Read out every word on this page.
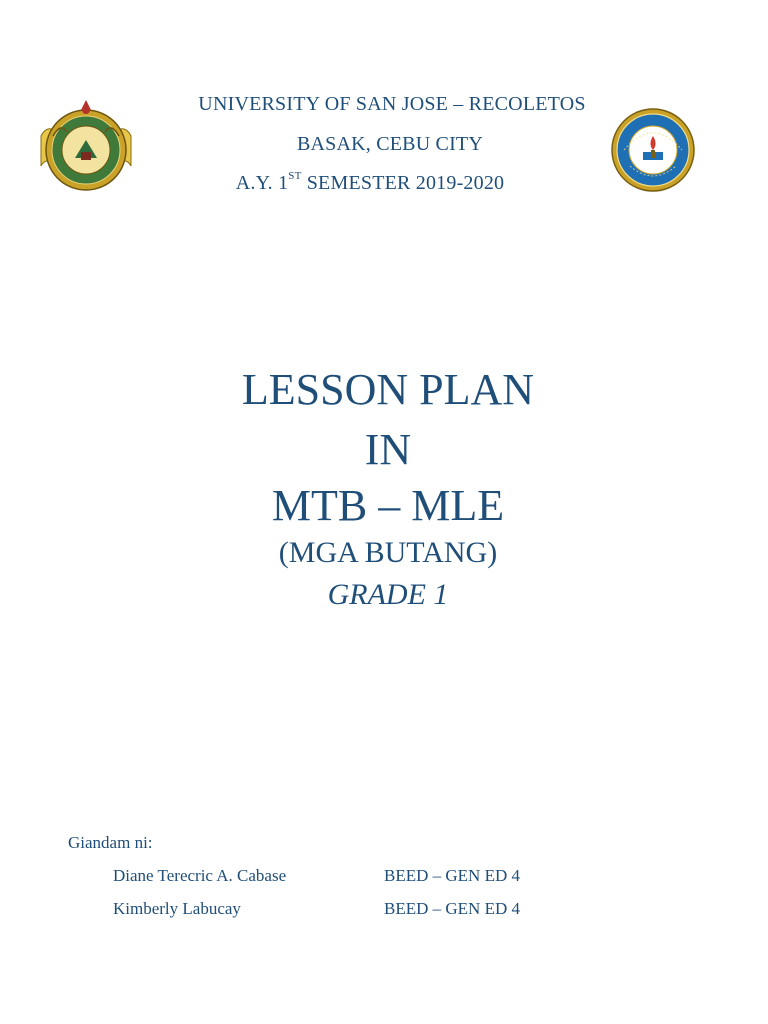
UNIVERSITY OF SAN JOSE – RECOLETOS
BASAK, CEBU CITY
A.Y. 1ST SEMESTER 2019-2020
LESSON PLAN
IN
MTB – MLE
(MGA BUTANG)
GRADE 1
Giandam ni:
Diane Terecric A. Cabase	BEED – GEN ED 4
Kimberly Labucay	BEED – GEN ED 4
